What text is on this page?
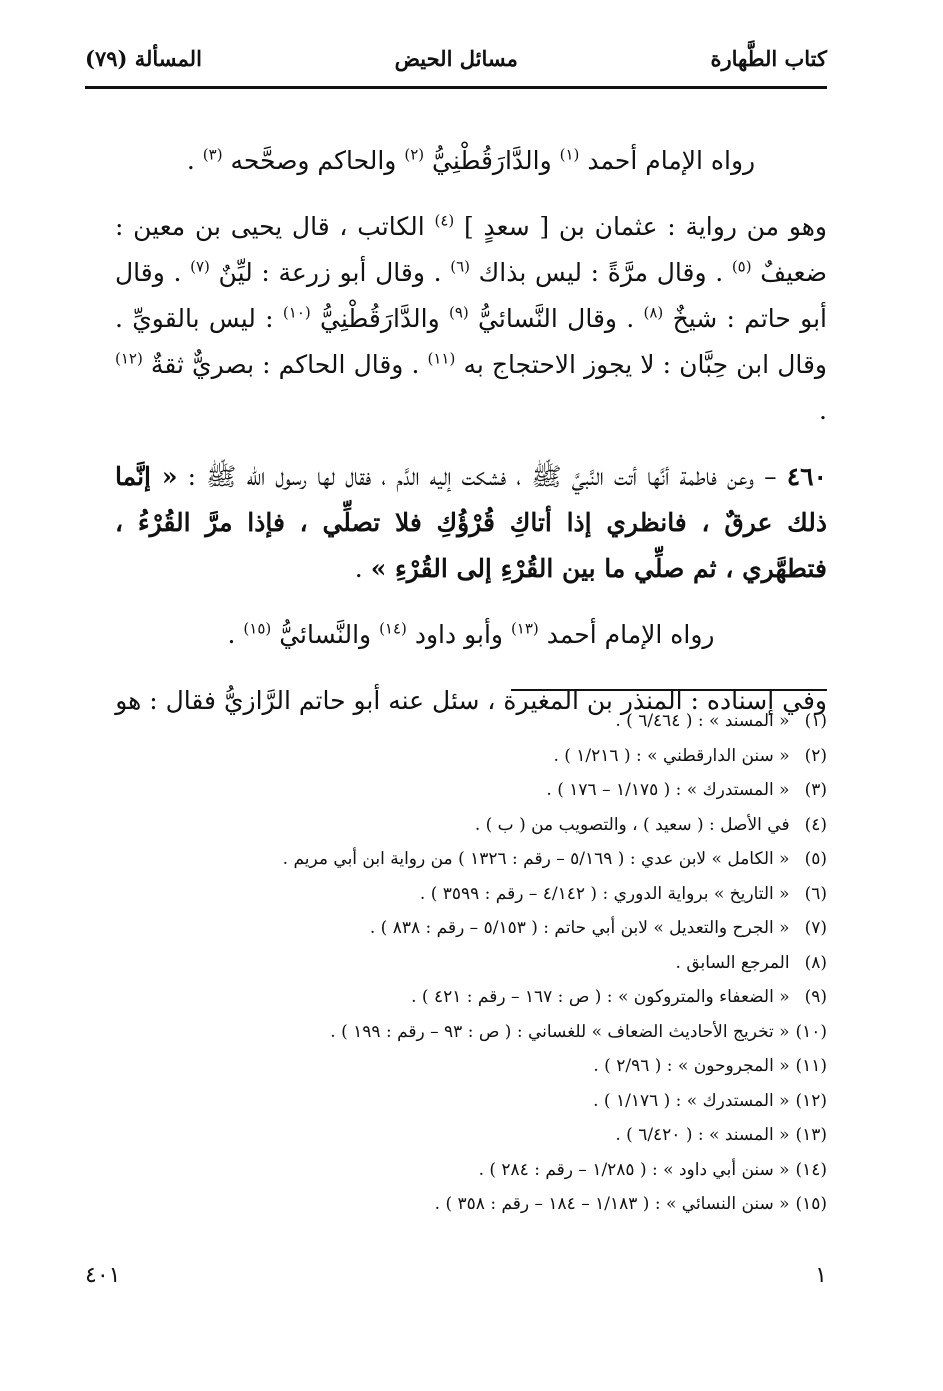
كتاب الطَّهارة
مسائل الحيض
المسألة (٧٩)

رواه الإمام أحمد $^{(١)}$ والدَّارَقُطْنِيُّ $^{(٢)}$ والحاكم وصحَّحه $^{(٣)}$ .

وهو من رواية : عثمان بن [ سعدٍ ] $^{(٤)}$ الكاتب ، قال يحيى بن معين : ضعيفٌ $^{(٥)}$ . وقال مرَّةً : ليس بذاك $^{(٦)}$ . وقال أبو زرعة : ليِّنٌ $^{(٧)}$ . وقال أبو حاتم : شيخٌ $^{(٨)}$ . وقال النَّسائيُّ $^{(٩)}$ والدَّارَقُطْنِيُّ $^{(١٠)}$ : ليس بالقويِّ . وقال ابن حِبَّان : لا يجوز الاحتجاج به $^{(١١)}$ . وقال الحاكم : بصريٌّ ثقةٌ $^{(١٢)}$ .

٤٦٠ – وعن فاطمة أنَّها أتت النَّبيَّ ﷺ ، فشكت إليه الدَّم ، فقال لها رسول الله ﷺ : « إنَّما ذلك عرقٌ ، فانظري إذا أتاكِ قُرْؤُكِ فلا تصلِّي ، فإذا مرَّ القُرْءُ ، فتطهَّري ، ثم صلِّي ما بين القُرْءِ إلى القُرْءِ » .

رواه الإمام أحمد $^{(١٣)}$ وأبو داود $^{(١٤)}$ والنَّسائيُّ $^{(١٥)}$ .

وفي إسناده : المنذر بن المغيرة ، سئل عنه أبو حاتم الرَّازيُّ فقال : هو

(١) « المسند » : ( ٦/٤٦٤ ) .
(٢) « سنن الدارقطني » : ( ١/٢١٦ ) .
(٣) « المستدرك » : ( ١/١٧٥ – ١٧٦ ) .
(٤) في الأصل : ( سعيد ) ، والتصويب من ( ب ) .
(٥) « الكامل » لابن عدي : ( ٥/١٦٩ – رقم : ١٣٢٦ ) من رواية ابن أبي مريم .
(٦) « التاريخ » برواية الدوري : ( ٤/١٤٢ – رقم : ٣٥٩٩ ) .
(٧) « الجرح والتعديل » لابن أبي حاتم : ( ٥/١٥٣ – رقم : ٨٣٨ ) .
(٨) المرجع السابق .
(٩) « الضعفاء والمتروكون » : ( ص : ١٦٧ – رقم : ٤٢١ ) .
(١٠) « تخريج الأحاديث الضعاف » للغساني : ( ص : ٩٣ – رقم : ١٩٩ ) .
(١١) « المجروحون » : ( ٢/٩٦ ) .
(١٢) « المستدرك » : ( ١/١٧٦ ) .
(١٣) « المسند » : ( ٦/٤٢٠ ) .
(١٤) « سنن أبي داود » : ( ١/٢٨٥ – رقم : ٢٨٤ ) .
(١٥) « سنن النسائي » : ( ١/١٨٣ – ١٨٤ – رقم : ٣٥٨ ) .
١
٤٠١
